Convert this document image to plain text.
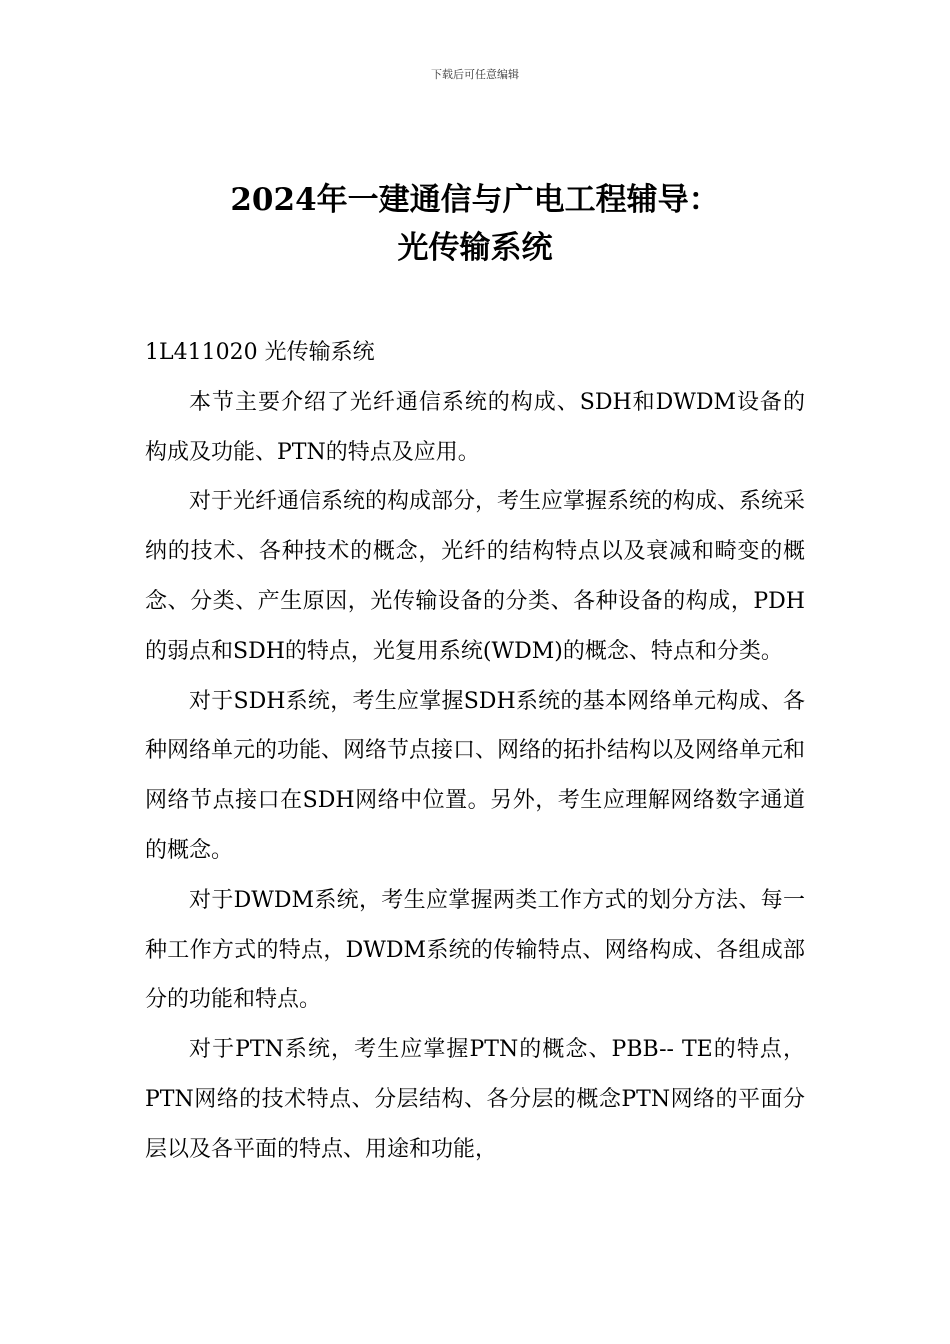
下载后可任意编辑
2024年一建通信与广电工程辅导：
光传输系统

1L411020 光传输系统

本节主要介绍了光纤通信系统的构成、SDH和DWDM设备的构成及功能、PTN的特点及应用。

对于光纤通信系统的构成部分，考生应掌握系统的构成、系统采纳的技术、各种技术的概念，光纤的结构特点以及衰减和畸变的概念、分类、产生原因，光传输设备的分类、各种设备的构成，PDH的弱点和SDH的特点，光复用系统(WDM)的概念、特点和分类。

对于SDH系统，考生应掌握SDH系统的基本网络单元构成、各种网络单元的功能、网络节点接口、网络的拓扑结构以及网络单元和网络节点接口在SDH网络中位置。另外，考生应理解网络数字通道的概念。

对于DWDM系统，考生应掌握两类工作方式的划分方法、每一种工作方式的特点，DWDM系统的传输特点、网络构成、各组成部分的功能和特点。

对于PTN系统，考生应掌握PTN的概念、PBB-- TE的特点，PTN网络的技术特点、分层结构、各分层的概念PTN网络的平面分层以及各平面的特点、用途和功能，
